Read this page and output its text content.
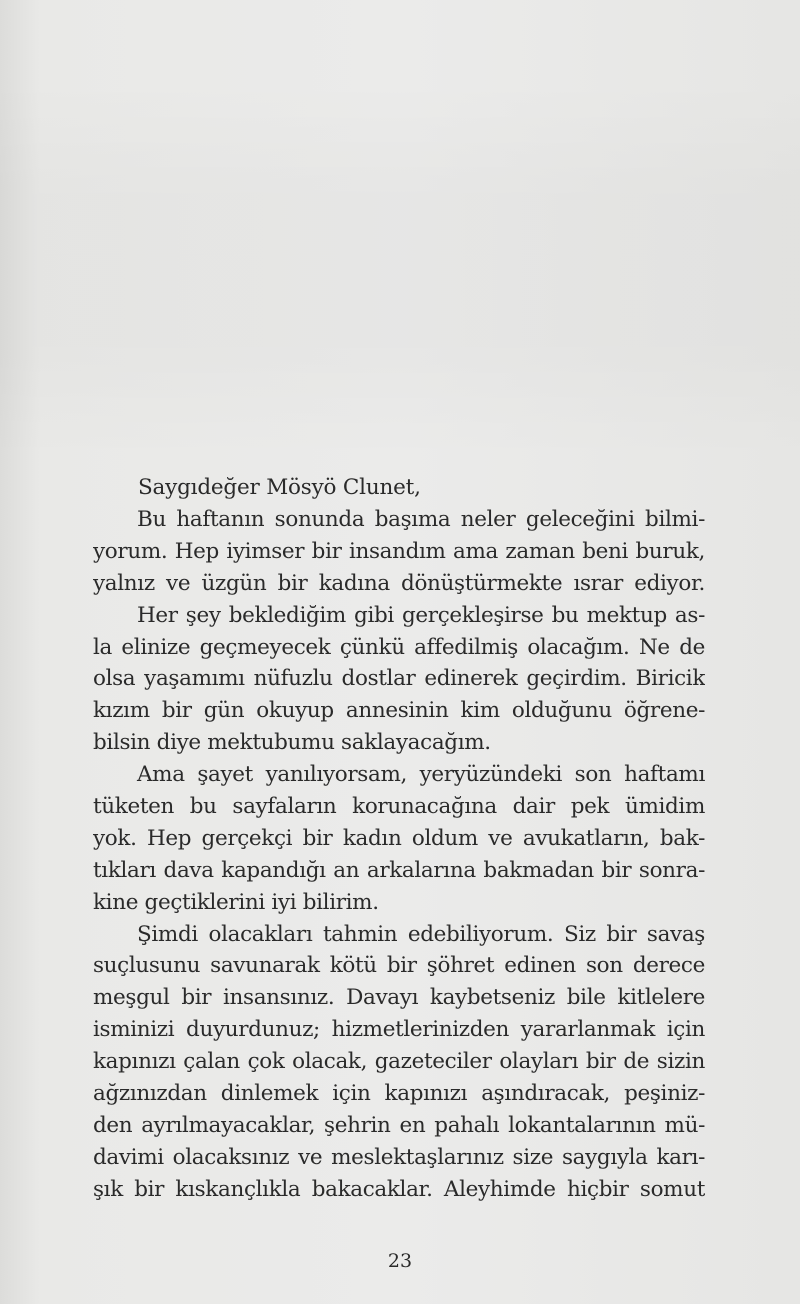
Saygıdeğer Mösyö Clunet,

Bu haftanın sonunda başıma neler geleceğini bilmi-
yorum. Hep iyimser bir insandım ama zaman beni buruk,
yalnız ve üzgün bir kadına dönüştürmekte ısrar ediyor.
Her şey beklediğim gibi gerçekleşirse bu mektup as-
la elinize geçmeyecek çünkü affedilmiş olacağım. Ne de
olsa yaşamımı nüfuzlu dostlar edinerek geçirdim. Biricik
kızım bir gün okuyup annesinin kim olduğunu öğrene-
bilsin diye mektubumu saklayacağım.
Ama şayet yanılıyorsam, yeryüzündeki son haftamı
tüketen bu sayfaların korunacağına dair pek ümidim
yok. Hep gerçekçi bir kadın oldum ve avukatların, bak-
tıkları dava kapandığı an arkalarına bakmadan bir sonra-
kine geçtiklerini iyi bilirim.
Şimdi olacakları tahmin edebiliyorum. Siz bir savaş
suçlusunu savunarak kötü bir şöhret edinen son derece
meşgul bir insansınız. Davayı kaybetseniz bile kitlelere
isminizi duyurdunuz; hizmetlerinizden yararlanmak için
kapınızı çalan çok olacak, gazeteciler olayları bir de sizin
ağzınızdan dinlemek için kapınızı aşındıracak, peşiniz-
den ayrılmayacaklar, şehrin en pahalı lokantalarının mü-
davimi olacaksınız ve meslektaşlarınız size saygıyla karı-
şık bir kıskançlıkla bakacaklar. Aleyhimde hiçbir somut
23
